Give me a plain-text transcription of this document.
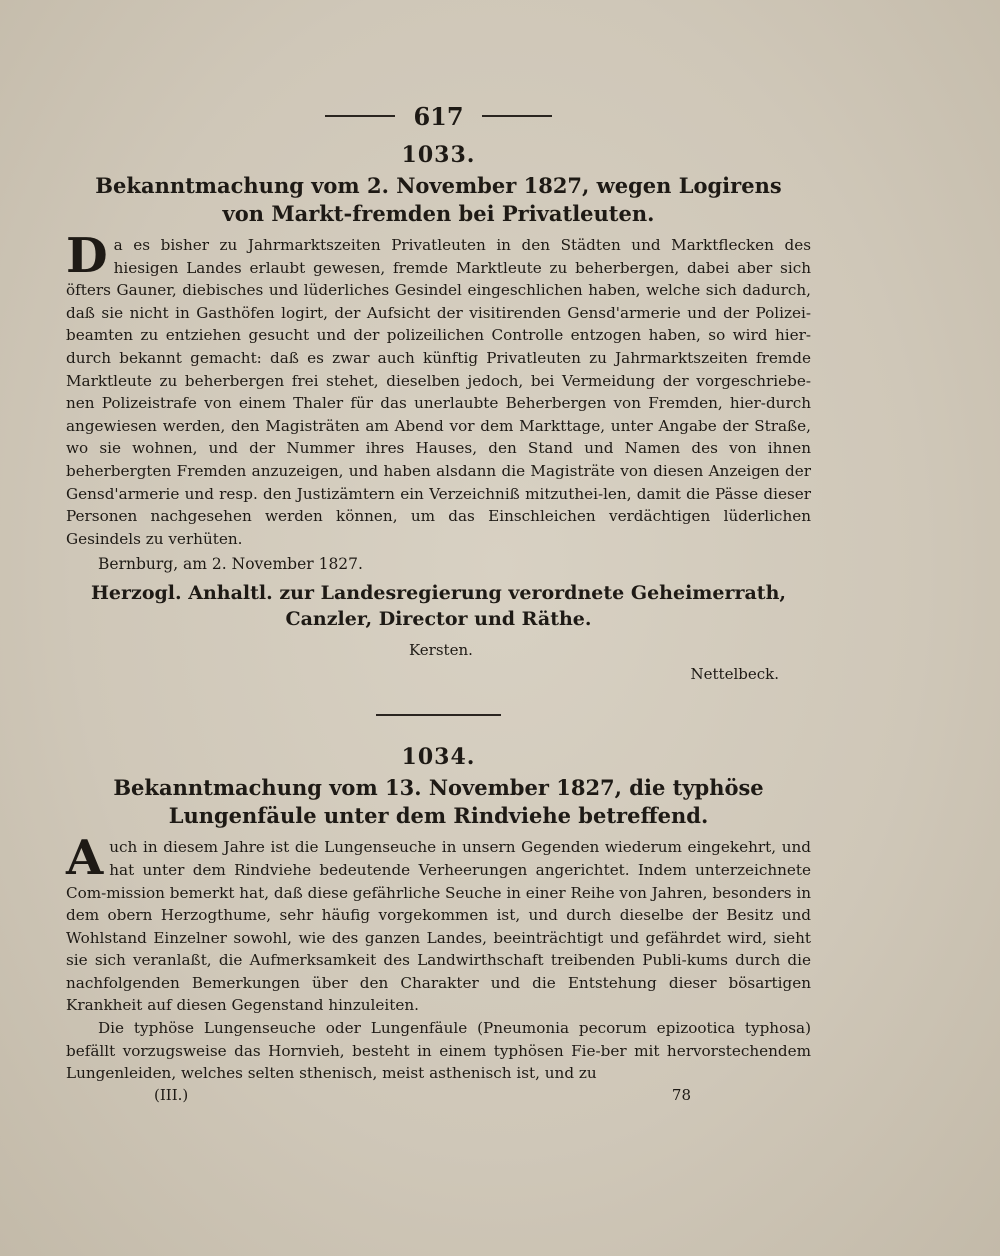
617
1033.
Bekanntmachung vom 2. November 1827, wegen Logirens von Markt-fremden bei Privatleuten.

Da es bisher zu Jahrmarktszeiten Privatleuten in den Städten und Marktflecken des hiesigen Landes erlaubt gewesen, fremde Marktleute zu beherbergen, dabei aber sich öfters Gauner, diebisches und lüderliches Gesindel eingeschlichen haben, welche sich dadurch, daß sie nicht in Gasthöfen logirt, der Aufsicht der visitirenden Gensd'armerie und der Polizei-beamten zu entziehen gesucht und der polizeilichen Controlle entzogen haben, so wird hier-durch bekannt gemacht: daß es zwar auch künftig Privatleuten zu Jahrmarktszeiten fremde Marktleute zu beherbergen frei stehet, dieselben jedoch, bei Vermeidung der vorgeschriebe-nen Polizeistrafe von einem Thaler für das unerlaubte Beherbergen von Fremden, hier-durch angewiesen werden, den Magisträten am Abend vor dem Markttage, unter Angabe der Straße, wo sie wohnen, und der Nummer ihres Hauses, den Stand und Namen des von ihnen beherbergten Fremden anzuzeigen, und haben alsdann die Magisträte von diesen Anzeigen der Gensd'armerie und resp. den Justizämtern ein Verzeichniß mitzuthei-len, damit die Pässe dieser Personen nachgesehen werden können, um das Einschleichen verdächtigen lüderlichen Gesindels zu verhüten.

Bernburg, am 2. November 1827.
Herzogl. Anhaltl. zur Landesregierung verordnete Geheimerrath, Canzler, Director und Räthe.
Kersten.
Nettelbeck.
1034.
Bekanntmachung vom 13. November 1827, die typhöse Lungenfäule unter dem Rindviehe betreffend.

Auch in diesem Jahre ist die Lungenseuche in unsern Gegenden wiederum eingekehrt, und hat unter dem Rindviehe bedeutende Verheerungen angerichtet. Indem unterzeichnete Com-mission bemerkt hat, daß diese gefährliche Seuche in einer Reihe von Jahren, besonders in dem obern Herzogthume, sehr häufig vorgekommen ist, und durch dieselbe der Besitz und Wohlstand Einzelner sowohl, wie des ganzen Landes, beeinträchtigt und gefährdet wird, sieht sie sich veranlaßt, die Aufmerksamkeit des Landwirthschaft treibenden Publi-kums durch die nachfolgenden Bemerkungen über den Charakter und die Entstehung dieser bösartigen Krankheit auf diesen Gegenstand hinzuleiten.

Die typhöse Lungenseuche oder Lungenfäule (Pneumonia pecorum epizootica typhosa) befällt vorzugsweise das Hornvieh, besteht in einem typhösen Fie-ber mit hervorstechendem Lungenleiden, welches selten sthenisch, meist asthenisch ist, und zu

(III.)	78
